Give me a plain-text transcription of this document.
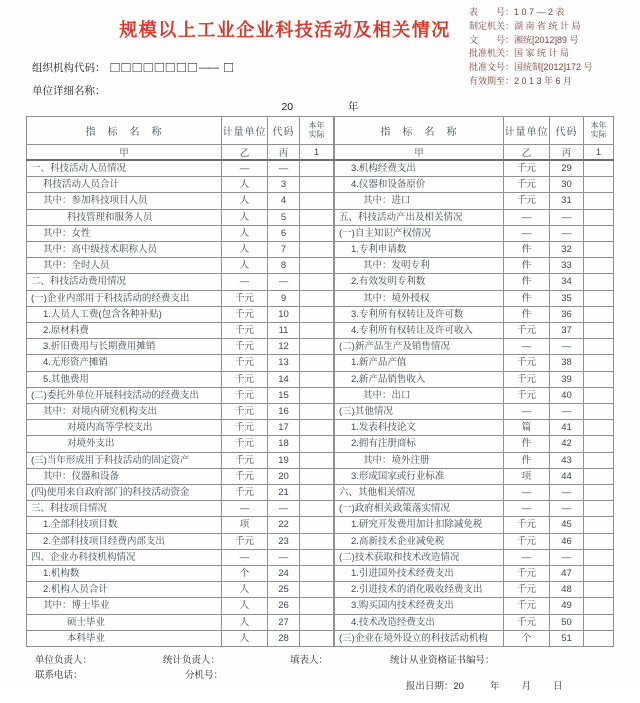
规模以上工业企业科技活动及相关情况
表　　号： 1 0 7 — 2 表
制定机关： 湖 南 省 统 计 局
文　　号： 湘统[2012]89 号
批准机关： 国 家 统 计 局
批准文号： 国统制[2012]172 号
有效期至： 2 0 1 3 年 6 月
组织机构代码： □□□□□□□□ —— □
单位详细名称：
20	年
指　标　名　称	计量单位	代码	本年
实际

甲	乙	丙	1
一、科技活动人员情况	—	—	
科技活动人员合计	人	3	
其中：参加科技项目人员	人	4	
科技管理和服务人员	人	5	
其中：女性	人	6	
其中：高中级技术职称人员	人	7	
其中：全时人员	人	8	
二、科技活动费用情况	—	—	
(一)企业内部用于科技活动的经费支出	千元	9	
1.人员人工费(包含各种补贴)	千元	10	
2.原材料费	千元	11	
3.折旧费用与长期费用摊销	千元	12	
4.无形资产摊销	千元	13	
5.其他费用	千元	14	
(二)委托外单位开展科技活动的经费支出	千元	15	
其中：对境内研究机构支出	千元	16	
对境内高等学校支出	千元	17	
对境外支出	千元	18	
(三)当年形成用于科技活动的固定资产	千元	19	
其中：仪器和设备	千元	20	
(四)使用来自政府部门的科技活动资金	千元	21	
三、科技项目情况	—	—	
1.全部科技项目数	项	22	
2.全部科技项目经费内部支出	千元	23	
四、企业办科技机构情况	—	—	
1.机构数	个	24	
2.机构人员合计	人	25	
其中：博士毕业	人	26	
硕士毕业	人	27	
本科毕业	人	28	
指　标　名　称	计量单位	代码	本年
实际

甲	乙	丙	1
3.机构经费支出	千元	29	
4.仪器和设备原价	千元	30	
其中：进口	千元	31	
五、科技活动产出及相关情况	—	—	
(一)自主知识产权情况	—	—	
1.专利申请数	件	32	
其中：发明专利	件	33	
2.有效发明专利数	件	34	
其中：境外授权	件	35	
3.专利所有权转让及许可数	件	36	
4.专利所有权转让及许可收入	千元	37	
(二)新产品生产及销售情况	—	—	
1.新产品产值	千元	38	
2.新产品销售收入	千元	39	
其中：出口	千元	40	
(三)其他情况	—	—	
1.发表科技论文	篇	41	
2.拥有注册商标	件	42	
其中：境外注册	件	43	
3.形成国家或行业标准	项	44	
六、其他相关情况	—	—	
(一)政府相关政策落实情况	—	—	
1.研究开发费用加计扣除减免税	千元	45	
2.高新技术企业减免税	千元	46	
(二)技术获取和技术改造情况	—	—	
1.引进国外技术经费支出	千元	47	
2.引进技术的消化吸收经费支出	千元	48	
3.购买国内技术经费支出	千元	49	
4.技术改造经费支出	千元	50	
(三)企业在境外设立的科技活动机构	个	51	
单位负责人：	统计负责人：	填表人：	统计从业资格证书编号：
联系电话：	分机号：

报出日期：20	年 月 日
